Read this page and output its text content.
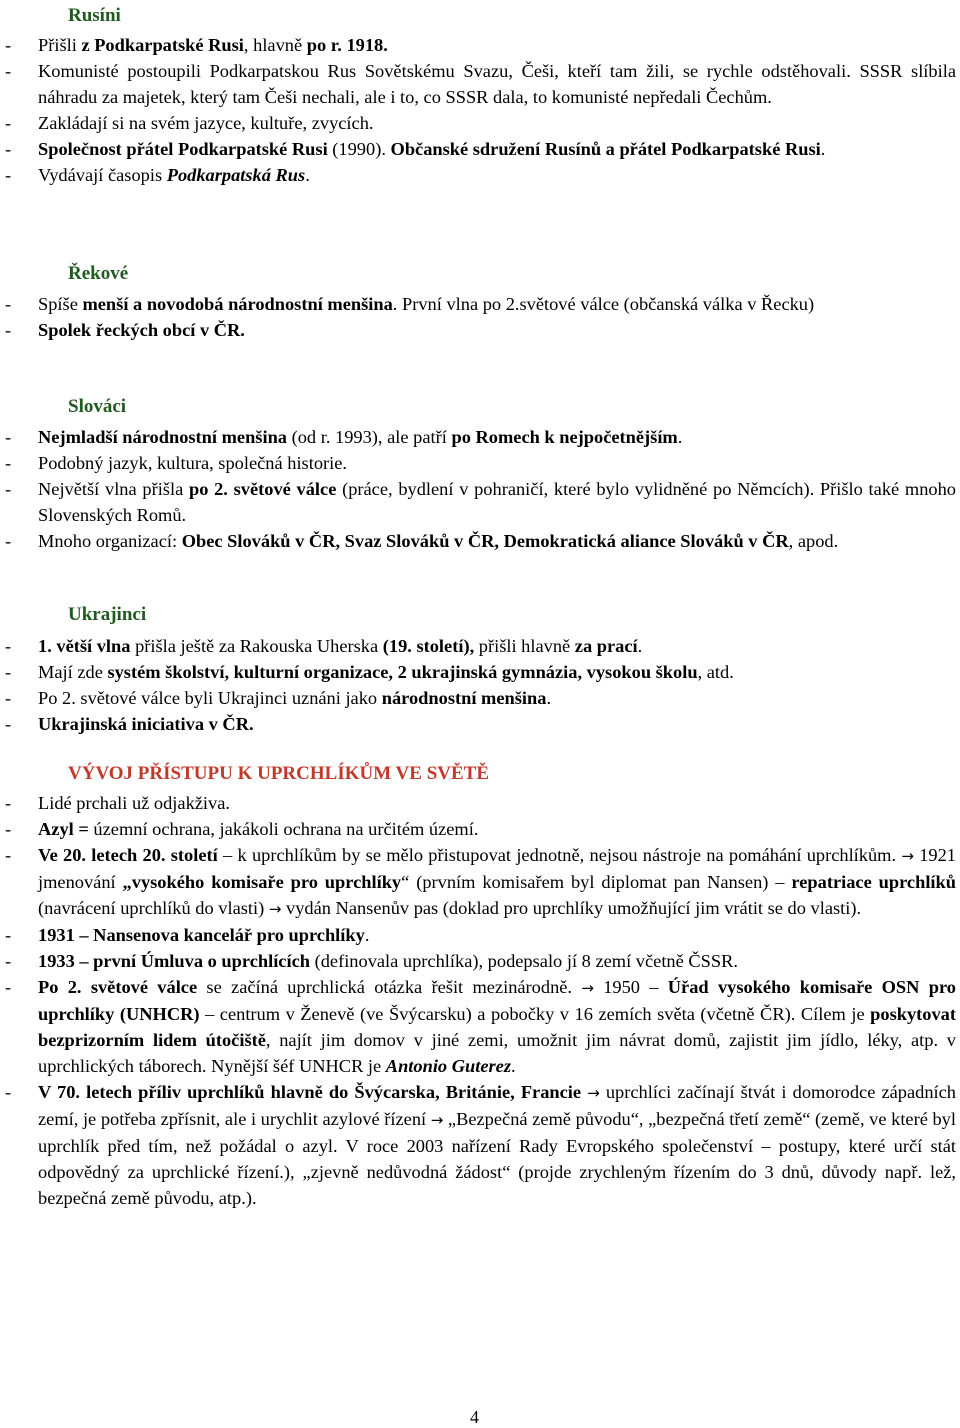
Rusíni
- Přišli z Podkarpatské Rusi, hlavně po r. 1918.
- Komunisté postoupili Podkarpatskou Rus Sovětskému Svazu, Češi, kteří tam žili, se rychle odstěhovali. SSSR slíbila náhradu za majetek, který tam Češi nechali, ale i to, co SSSR dala, to komunisté nepředali Čechům.
- Zakládají si na svém jazyce, kultuře, zvycích.
- Společnost přátel Podkarpatské Rusi (1990). Občanské sdružení Rusínů a přátel Podkarpatské Rusi.
- Vydávají časopis Podkarpatská Rus.
Řekové
- Spíše menší a novodobá národnostní menšina. První vlna po 2.světové válce (občanská válka v Řecku)
- Spolek řeckých obcí v ČR.
Slováci
- Nejmladší národnostní menšina (od r. 1993), ale patří po Romech k nejpočetnějším.
- Podobný jazyk, kultura, společná historie.
- Největší vlna přišla po 2. světové válce (práce, bydlení v pohraničí, které bylo vylidněné po Němcích). Přišlo také mnoho Slovenských Romů.
- Mnoho organizací: Obec Slováků v ČR, Svaz Slováků v ČR, Demokratická aliance Slováků v ČR, apod.
Ukrajinci
- 1. větší vlna přišla ještě za Rakouska Uherska (19. století), přišli hlavně za prací.
- Mají zde systém školství, kulturní organizace, 2 ukrajinská gymnázia, vysokou školu, atd.
- Po 2. světové válce byli Ukrajinci uznáni jako národnostní menšina.
- Ukrajinská iniciativa v ČR.
VÝVOJ PŘÍSTUPU K UPRCHLÍKŮM VE SVĚTĚ
- Lidé prchali už odjakživa.
- Azyl = územní ochrana, jakákoli ochrana na určitém území.
- Ve 20. letech 20. století – k uprchlíkům by se mělo přistupovat jednotně, nejsou nástroje na pomáhání uprchlíkům. → 1921 jmenování „vysokého komisaře pro uprchlíky“ (prvním komisařem byl diplomat pan Nansen) – repatriace uprchlíků (navrácení uprchlíků do vlasti) → vydán Nansenův pas (doklad pro uprchlíky umožňující jim vrátit se do vlasti).
- 1931 – Nansenova kancelář pro uprchlíky.
- 1933 – první Úmluva o uprchlících (definovala uprchlíka), podepsalo jí 8 zemí včetně ČSSR.
- Po 2. světové válce se začíná uprchlická otázka řešit mezinárodně. → 1950 – Úřad vysokého komisaře OSN pro uprchlíky (UNHCR) – centrum v Ženevě (ve Švýcarsku) a pobočky v 16 zemích světa (včetně ČR). Cílem je poskytovat bezprizorním lidem útočiště, najít jim domov v jiné zemi, umožnit jim návrat domů, zajistit jim jídlo, léky, atp. v uprchlických táborech. Nynější šéf UNHCR je Antonio Guterez.
- V 70. letech příliv uprchlíků hlavně do Švýcarska, Británie, Francie → uprchlíci začínají štvát i domorodce západních zemí, je potřeba zpřísnit, ale i urychlit azylové řízení → „Bezpečná země původu“, „bezpečná třetí země“ (země, ve které byl uprchlík před tím, než požádal o azyl. V roce 2003 nařízení Rady Evropského společenství – postupy, které určí stát odpovědný za uprchlické řízení.), „zjevně nedůvodná žádost“ (projde zrychleným řízením do 3 dnů, důvody např. lež, bezpečná země původu, atp.).
4
